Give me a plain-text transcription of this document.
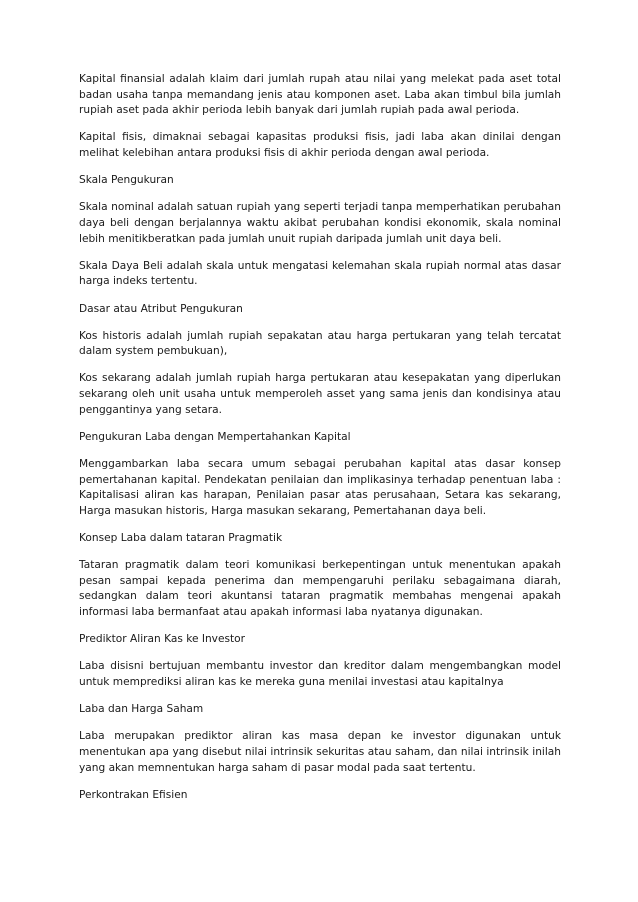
Kapital finansial adalah klaim dari jumlah rupah atau nilai yang melekat pada aset total badan usaha tanpa memandang jenis atau komponen aset. Laba akan timbul bila jumlah rupiah aset pada akhir perioda lebih banyak dari jumlah rupiah pada awal perioda.

Kapital fisis, dimaknai sebagai kapasitas produksi fisis, jadi laba akan dinilai dengan melihat kelebihan antara produksi fisis di akhir perioda dengan awal perioda.

Skala Pengukuran

Skala nominal adalah satuan rupiah yang seperti terjadi tanpa memperhatikan perubahan daya beli dengan berjalannya waktu akibat perubahan kondisi ekonomik, skala nominal lebih menitikberatkan pada jumlah unuit rupiah daripada jumlah unit daya beli.

Skala Daya Beli adalah skala untuk mengatasi kelemahan skala rupiah normal atas dasar harga indeks tertentu.

Dasar atau Atribut Pengukuran

Kos historis adalah jumlah rupiah sepakatan atau harga pertukaran yang telah tercatat dalam system pembukuan),

Kos sekarang adalah jumlah rupiah harga pertukaran atau kesepakatan yang diperlukan sekarang oleh unit usaha untuk memperoleh asset yang sama jenis dan kondisinya atau penggantinya yang setara.

Pengukuran Laba dengan Mempertahankan Kapital

Menggambarkan laba secara umum sebagai perubahan kapital atas dasar konsep pemertahanan kapital. Pendekatan penilaian dan implikasinya terhadap penentuan laba : Kapitalisasi aliran kas harapan, Penilaian pasar atas perusahaan, Setara kas sekarang, Harga masukan historis, Harga masukan sekarang, Pemertahanan daya beli.

Konsep Laba dalam tataran Pragmatik

Tataran pragmatik dalam teori komunikasi berkepentingan untuk menentukan apakah pesan sampai kepada penerima dan mempengaruhi perilaku sebagaimana diarah, sedangkan dalam teori akuntansi tataran pragmatik membahas mengenai apakah informasi laba bermanfaat atau apakah informasi laba nyatanya digunakan.

Prediktor Aliran Kas ke Investor

Laba disisni bertujuan membantu investor dan kreditor dalam mengembangkan model untuk memprediksi aliran kas ke mereka guna menilai investasi atau kapitalnya

Laba dan Harga Saham

Laba merupakan prediktor aliran kas masa depan ke investor digunakan untuk menentukan apa yang disebut nilai intrinsik sekuritas atau saham, dan nilai intrinsik inilah yang akan memnentukan harga saham di pasar modal pada saat tertentu.

Perkontrakan Efisien
